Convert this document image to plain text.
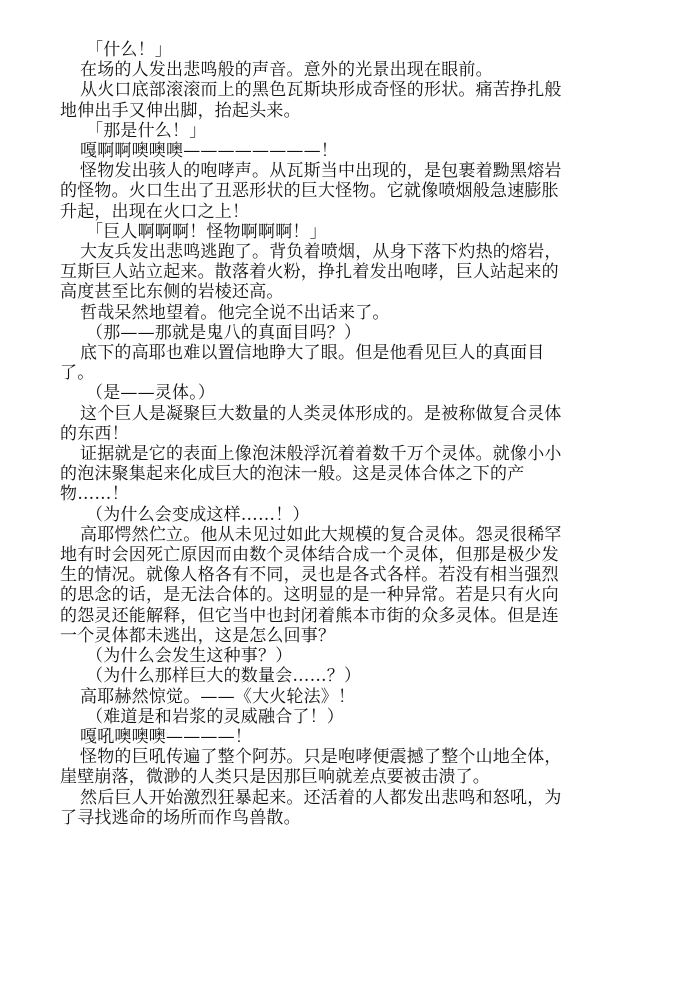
「什么！」

在场的人发出悲鸣般的声音。意外的光景出现在眼前。

从火口底部滚滚而上的黑色瓦斯块形成奇怪的形状。痛苦挣扎般

地伸出手又伸出脚，抬起头来。

「那是什么！」

嘎啊啊噢噢噢————————！

怪物发出骇人的咆哮声。从瓦斯当中出现的，是包裹着黝黑熔岩

的怪物。火口生出了丑恶形状的巨大怪物。它就像喷烟般急速膨胀

升起，出现在火口之上！

「巨人啊啊啊！怪物啊啊啊！」

大友兵发出悲鸣逃跑了。背负着喷烟，从身下落下灼热的熔岩，

互斯巨人站立起来。散落着火粉，挣扎着发出咆哮，巨人站起来的

高度甚至比东侧的岩棱还高。

哲哉呆然地望着。他完全说不出话来了。

（那——那就是鬼八的真面目吗？）

底下的高耶也难以置信地睁大了眼。但是他看见巨人的真面目

了。

（是——灵体。）

这个巨人是凝聚巨大数量的人类灵体形成的。是被称做复合灵体

的东西！

证据就是它的表面上像泡沫般浮沉着着数千万个灵体。就像小小

的泡沫聚集起来化成巨大的泡沫一般。这是灵体合体之下的产

物……！

（为什么会变成这样……！）

高耶愕然伫立。他从未见过如此大规模的复合灵体。怨灵很稀罕

地有时会因死亡原因而由数个灵体结合成一个灵体，但那是极少发

生的情况。就像人格各有不同，灵也是各式各样。若没有相当强烈

的思念的话，是无法合体的。这明显的是一种异常。若是只有火向

的怨灵还能解释，但它当中也封闭着熊本市街的众多灵体。但是连

一个灵体都未逃出，这是怎么回事？

（为什么会发生这种事？）

（为什么那样巨大的数量会……？）

高耶赫然惊觉。——《大火轮法》！

（难道是和岩浆的灵威融合了！）

嘎吼噢噢噢————！

怪物的巨吼传遍了整个阿苏。只是咆哮便震撼了整个山地全体，

崖壁崩落，微渺的人类只是因那巨响就差点要被击溃了。

然后巨人开始激烈狂暴起来。还活着的人都发出悲鸣和怒吼，为

了寻找逃命的场所而作鸟兽散。
